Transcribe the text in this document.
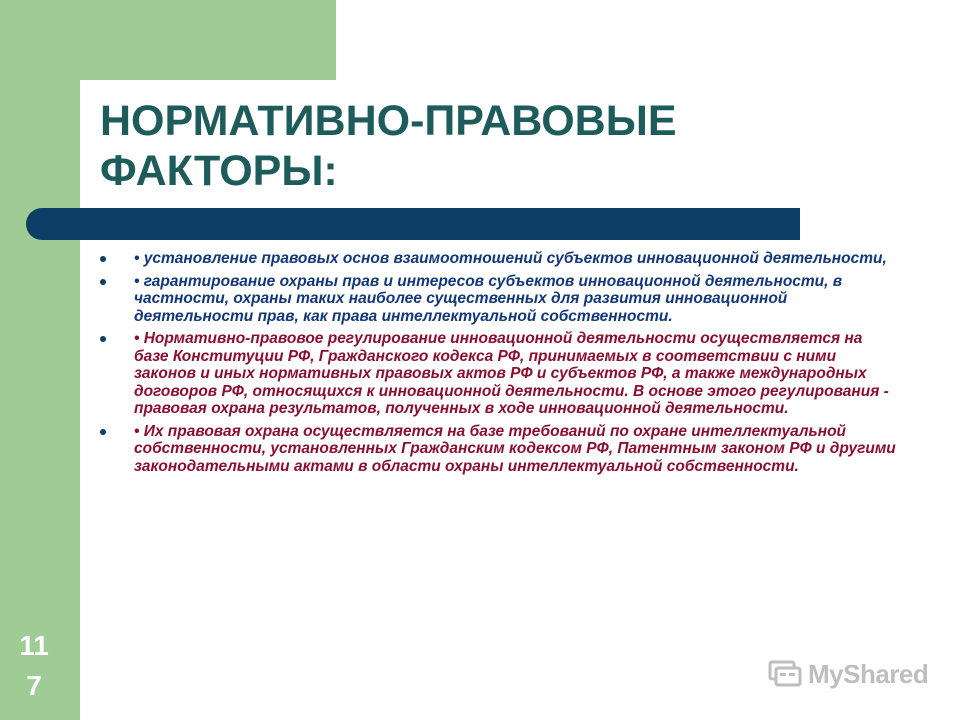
НОРМАТИВНО-ПРАВОВЫЕ
ФАКТОРЫ:
• установление правовых основ взаимоотношений субъектов инновационной деятельности,
• гарантирование охраны прав и интересов субъектов инновационной деятельности, в частности, охраны таких наиболее существенных для развития инновационной деятельности прав, как права интеллектуальной собственности.
• Нормативно-правовое регулирование инновационной деятельности осуществляется на базе Конституции РФ, Гражданского кодекса РФ, принимаемых в соответствии с ними законов и иных нормативных правовых актов РФ и субъектов РФ, а также международных договоров РФ, относящихся к инновационной деятельности. В основе этого регулирования - правовая охрана результатов, полученных в ходе инновационной деятельности.
• Их правовая охрана осуществляется на базе требований по охране интеллектуальной собственности, установленных Гражданским кодексом РФ, Патентным законом РФ и другими законодательными актами в области охраны интеллектуальной собственности.
117	MyShared
